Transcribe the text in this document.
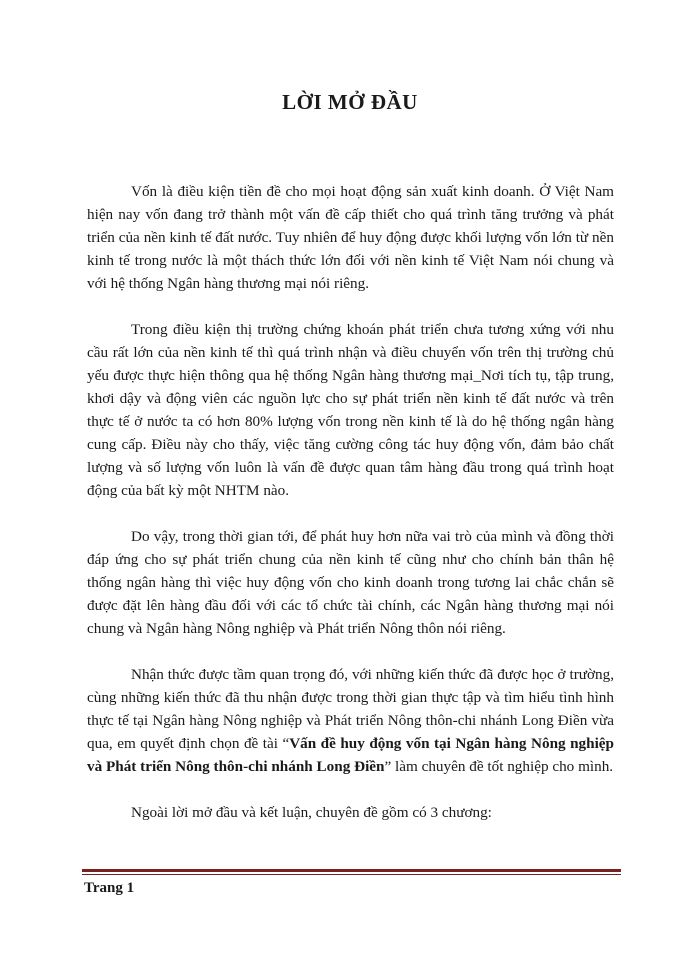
LỜI MỞ ĐẦU

Vốn là điều kiện tiền đề cho mọi hoạt động sản xuất kinh doanh. Ở Việt Nam hiện nay vốn đang trở thành một vấn đề cấp thiết cho quá trình tăng trưởng và phát triển của nền kinh tế đất nước. Tuy nhiên để huy động được khối lượng vốn lớn từ nền kinh tế trong nước là một thách thức lớn đối với nền kinh tế Việt Nam nói chung và với hệ thống Ngân hàng thương mại nói riêng.

Trong điều kiện thị trường chứng khoán phát triển chưa tương xứng với nhu cầu rất lớn của nền kinh tế thì quá trình nhận và điều chuyển vốn trên thị trường chủ yếu được thực hiện thông qua hệ thống Ngân hàng thương mại_Nơi tích tụ, tập trung, khơi dậy và động viên các nguồn lực cho sự phát triển nền kinh tế đất nước và trên thực tế ở nước ta có hơn 80% lượng vốn trong nền kinh tế là do hệ thống ngân hàng cung cấp. Điều này cho thấy, việc tăng cường công tác huy động vốn, đảm bảo chất lượng và số lượng vốn luôn là vấn đề được quan tâm hàng đầu trong quá trình hoạt động của bất kỳ một NHTM nào.

Do vậy, trong thời gian tới, để phát huy hơn nữa vai trò của mình và đồng thời đáp ứng cho sự phát triển chung của nền kinh tế cũng như cho chính bản thân hệ thống ngân hàng thì việc huy động vốn cho kinh doanh trong tương lai chắc chắn sẽ được đặt lên hàng đầu đối với các tổ chức tài chính, các Ngân hàng thương mại nói chung và Ngân hàng Nông nghiệp và Phát triển Nông thôn nói riêng.

Nhận thức được tầm quan trọng đó, với những kiến thức đã được học ở trường, cùng những kiến thức đã thu nhận được trong thời gian thực tập và tìm hiểu tình hình thực tế tại Ngân hàng Nông nghiệp và Phát triển Nông thôn-chi nhánh Long Điền vừa qua, em quyết định chọn đề tài “Vấn đề huy động vốn tại Ngân hàng Nông nghiệp và Phát triển Nông thôn-chi nhánh Long Điền” làm chuyên đề tốt nghiệp cho mình.

Ngoài lời mở đầu và kết luận, chuyên đề gồm có 3 chương:

Trang 1
